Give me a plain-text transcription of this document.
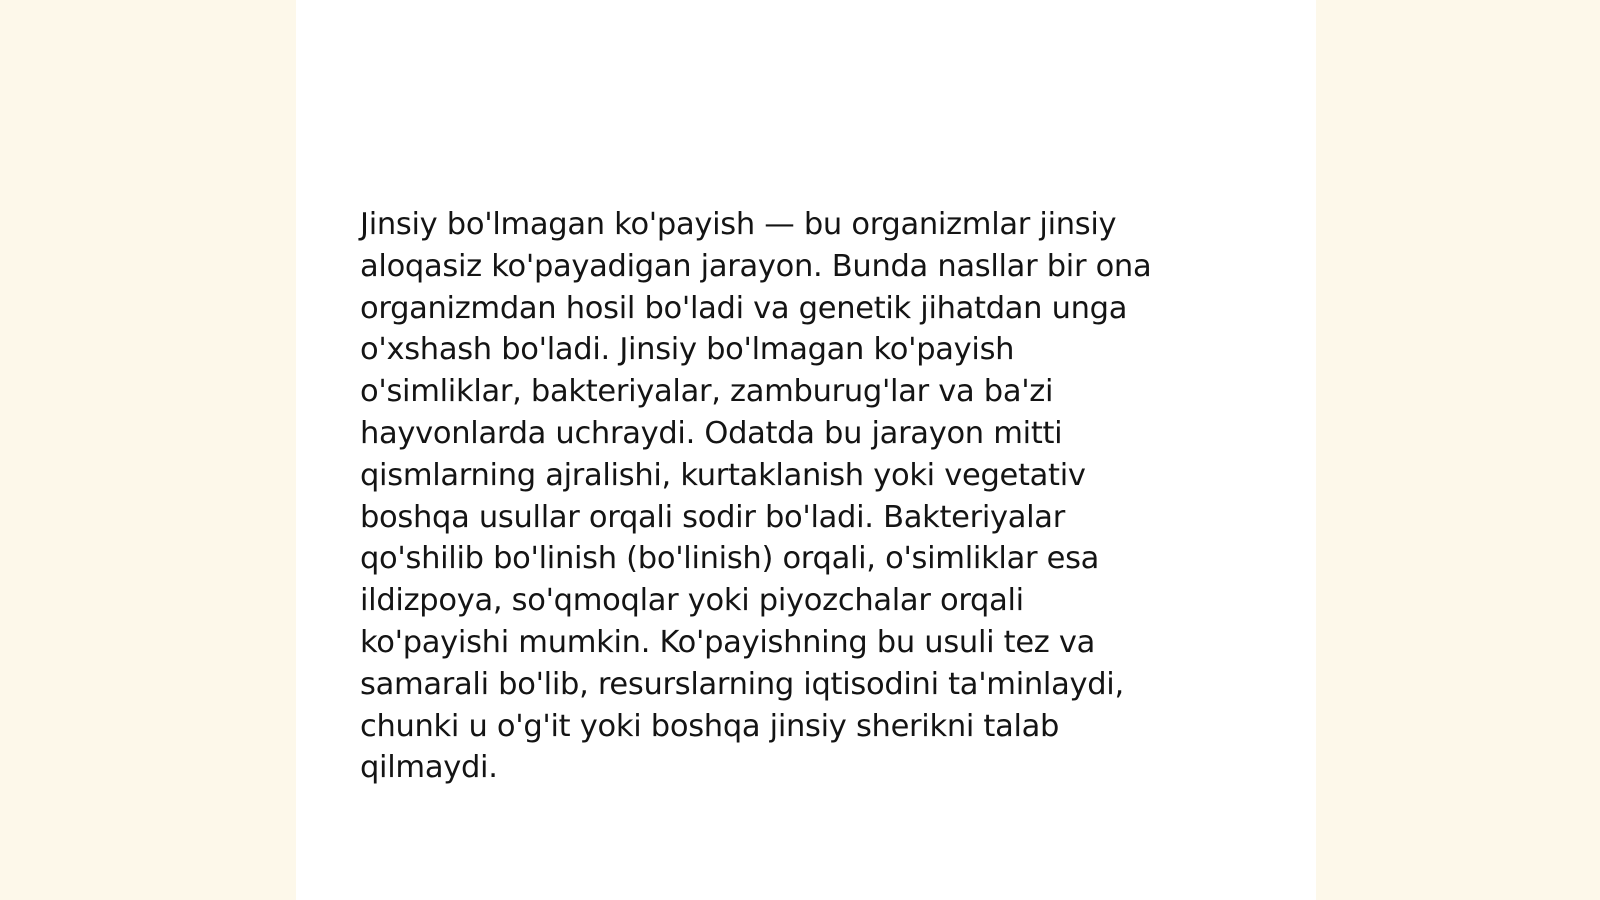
Jinsiy bo'lmagan ko'payish — bu organizmlar jinsiy
aloqasiz ko'payadigan jarayon. Bunda nasllar bir ona
organizmdan hosil bo'ladi va genetik jihatdan unga
o'xshash bo'ladi. Jinsiy bo'lmagan ko'payish
o'simliklar, bakteriyalar, zamburug'lar va ba'zi
hayvonlarda uchraydi. Odatda bu jarayon mitti
qismlarning ajralishi, kurtaklanish yoki vegetativ
boshqa usullar orqali sodir bo'ladi. Bakteriyalar
qo'shilib bo'linish (bo'linish) orqali, o'simliklar esa
ildizpoya, so'qmoqlar yoki piyozchalar orqali
ko'payishi mumkin. Ko'payishning bu usuli tez va
samarali bo'lib, resurslarning iqtisodini ta'minlaydi,
chunki u o'g'it yoki boshqa jinsiy sherikni talab
qilmaydi.
